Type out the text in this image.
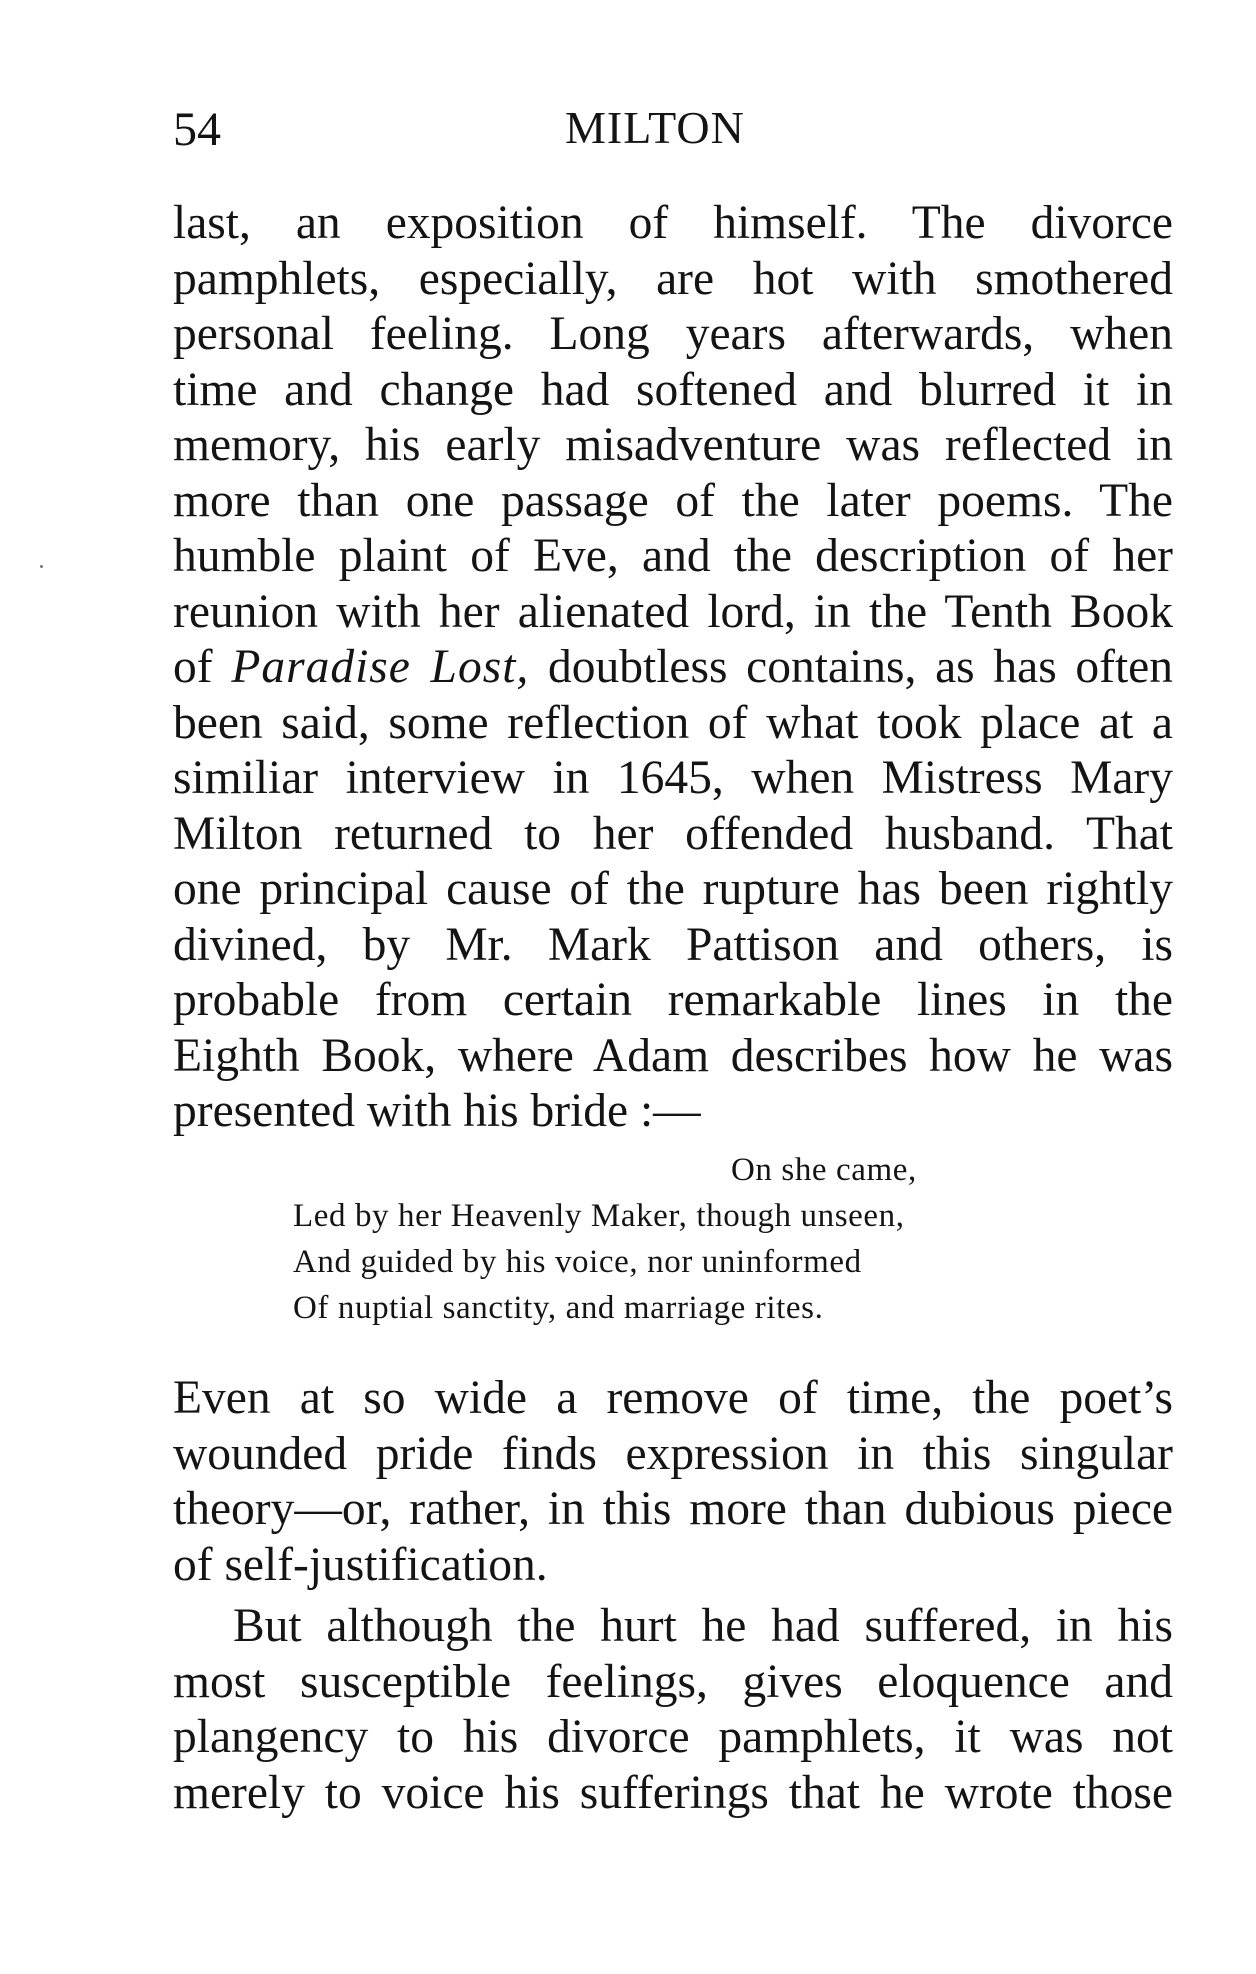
54	MILTON
last, an exposition of himself. The divorce
pamphlets, especially, are hot with smothered
personal feeling. Long years afterwards, when
time and change had softened and blurred it in
memory, his early misadventure was reflected in
more than one passage of the later poems. The
humble plaint of Eve, and the description of her
reunion with her alienated lord, in the Tenth Book
of Paradise Lost, doubtless contains, as has often
been said, some reflection of what took place at a
similiar interview in 1645, when Mistress Mary
Milton returned to her offended husband. That
one principal cause of the rupture has been rightly
divined, by Mr. Mark Pattison and others, is
probable from certain remarkable lines in the
Eighth Book, where Adam describes how he was
presented with his bride :—
On she came,
Led by her Heavenly Maker, though unseen,
And guided by his voice, nor uninformed
Of nuptial sanctity, and marriage rites.
Even at so wide a remove of time, the poet’s
wounded pride finds expression in this singular
theory—or, rather, in this more than dubious piece
of self-justification.
But although the hurt he had suffered, in his
most susceptible feelings, gives eloquence and
plangency to his divorce pamphlets, it was not
merely to voice his sufferings that he wrote those
